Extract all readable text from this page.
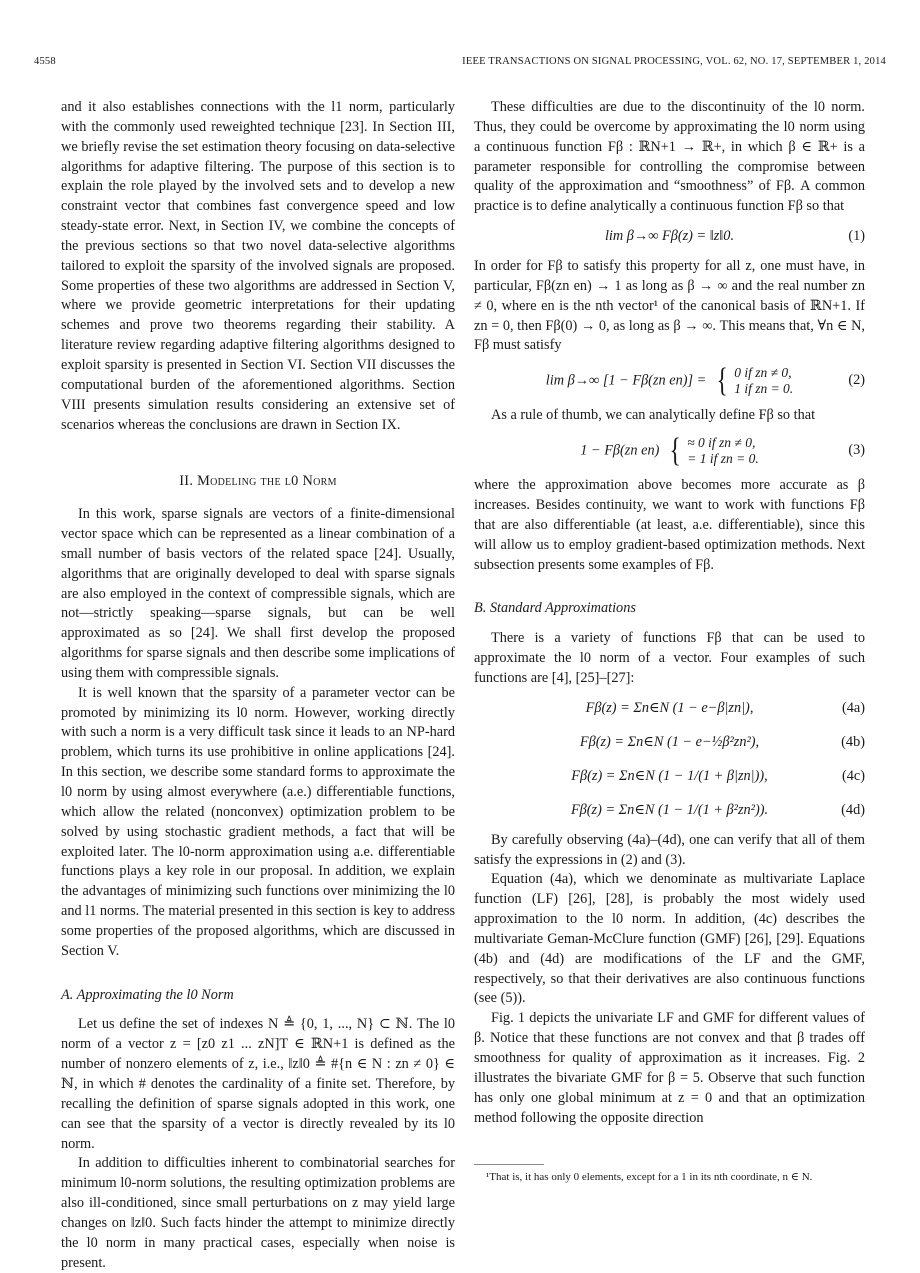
4558	IEEE TRANSACTIONS ON SIGNAL PROCESSING, VOL. 62, NO. 17, SEPTEMBER 1, 2014

and it also establishes connections with the l1 norm, particularly with the commonly used reweighted technique [23]. In Section III, we briefly revise the set estimation theory focusing on data-selective algorithms for adaptive filtering. The purpose of this section is to explain the role played by the involved sets and to develop a new constraint vector that combines fast convergence speed and low steady-state error. Next, in Section IV, we combine the concepts of the previous sections so that two novel data-selective algorithms tailored to exploit the sparsity of the involved signals are proposed. Some properties of these two algorithms are addressed in Section V, where we provide geometric interpretations for their updating schemes and prove two theorems regarding their stability. A literature review regarding adaptive filtering algorithms designed to exploit sparsity is presented in Section VI. Section VII discusses the computational burden of the aforementioned algorithms. Section VIII presents simulation results considering an extensive set of scenarios whereas the conclusions are drawn in Section IX.

II. Modeling the l0 Norm

In this work, sparse signals are vectors of a finite-dimensional vector space which can be represented as a linear combination of a small number of basis vectors of the related space [24]. Usually, algorithms that are originally developed to deal with sparse signals are also employed in the context of compressible signals, which are not—strictly speaking—sparse signals, but can be well approximated as so [24]. We shall first develop the proposed algorithms for sparse signals and then describe some implications of using them with compressible signals.

It is well known that the sparsity of a parameter vector can be promoted by minimizing its l0 norm. However, working directly with such a norm is a very difficult task since it leads to an NP-hard problem, which turns its use prohibitive in online applications [24]. In this section, we describe some standard forms to approximate the l0 norm by using almost everywhere (a.e.) differentiable functions, which allow the related (nonconvex) optimization problem to be solved by using stochastic gradient methods, a fact that will be exploited later. The l0-norm approximation using a.e. differentiable functions plays a key role in our proposal. In addition, we explain the advantages of minimizing such functions over minimizing the l0 and l1 norms. The material presented in this section is key to address some properties of the proposed algorithms, which are discussed in Section V.

A. Approximating the l0 Norm

Let us define the set of indexes N ≜ {0, 1, ..., N} ⊂ ℕ. The l0 norm of a vector z = [z0 z1 ... zN]T ∈ ℝN+1 is defined as the number of nonzero elements of z, i.e., ‖z‖0 ≜ #{n ∈ N : zn ≠ 0} ∈ ℕ, in which # denotes the cardinality of a finite set. Therefore, by recalling the definition of sparse signals adopted in this work, one can see that the sparsity of a vector is directly revealed by its l0 norm.

In addition to difficulties inherent to combinatorial searches for minimum l0-norm solutions, the resulting optimization problems are also ill-conditioned, since small perturbations on z may yield large changes on ‖z‖0. Such facts hinder the attempt to minimize directly the l0 norm in many practical cases, especially when noise is present.

These difficulties are due to the discontinuity of the l0 norm. Thus, they could be overcome by approximating the l0 norm using a continuous function Fβ : ℝN+1 → ℝ+, in which β ∈ ℝ+ is a parameter responsible for controlling the compromise between quality of the approximation and “smoothness” of Fβ. A common practice is to define analytically a continuous function Fβ so that

lim β→∞ Fβ(z) = ‖z‖0.	(1)

In order for Fβ to satisfy this property for all z, one must have, in particular, Fβ(zn en) → 1 as long as β → ∞ and the real number zn ≠ 0, where en is the nth vector¹ of the canonical basis of ℝN+1. If zn = 0, then Fβ(0) → 0, as long as β → ∞. This means that, ∀n ∈ N, Fβ must satisfy

lim β→∞ [1 − Fβ(zn en)] = { 0 if zn ≠ 0,
1 if zn = 0.
(2)

As a rule of thumb, we can analytically define Fβ so that

1 − Fβ(zn en) { ≈ 0 if zn ≠ 0,
= 1 if zn = 0.
(3)

where the approximation above becomes more accurate as β increases. Besides continuity, we want to work with functions Fβ that are also differentiable (at least, a.e. differentiable), since this will allow us to employ gradient-based optimization methods. Next subsection presents some examples of Fβ.

B. Standard Approximations

There is a variety of functions Fβ that can be used to approximate the l0 norm of a vector. Four examples of such functions are [4], [25]–[27]:

Fβ(z) = Σn∈N (1 − e−β|zn|),	(4a)
Fβ(z) = Σn∈N (1 − e−½β²zn²),	(4b)
Fβ(z) = Σn∈N (1 − 1/(1 + β|zn|)),	(4c)
Fβ(z) = Σn∈N (1 − 1/(1 + β²zn²)).	(4d)

By carefully observing (4a)–(4d), one can verify that all of them satisfy the expressions in (2) and (3).

Equation (4a), which we denominate as multivariate Laplace function (LF) [26], [28], is probably the most widely used approximation to the l0 norm. In addition, (4c) describes the multivariate Geman-McClure function (GMF) [26], [29]. Equations (4b) and (4d) are modifications of the LF and the GMF, respectively, so that their derivatives are also continuous functions (see (5)).

Fig. 1 depicts the univariate LF and GMF for different values of β. Notice that these functions are not convex and that β trades off smoothness for quality of approximation as it increases. Fig. 2 illustrates the bivariate GMF for β = 5. Observe that such function has only one global minimum at z = 0 and that an optimization method following the opposite direction

¹That is, it has only 0 elements, except for a 1 in its nth coordinate, n ∈ N.
